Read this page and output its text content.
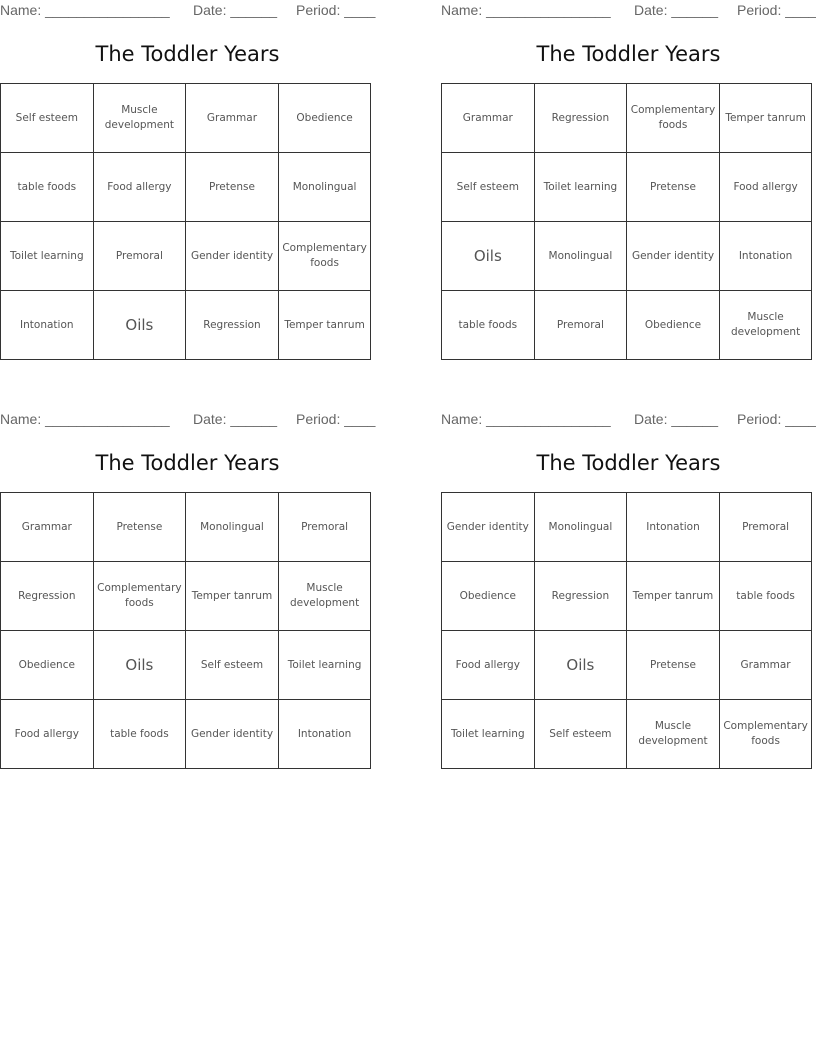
Name: ________________ Date: ______ Period: ____
The Toddler Years
Self esteem	Muscle development	Grammar	Obedience
table foods	Food allergy	Pretense	Monolingual
Toilet learning	Premoral	Gender identity	Complementary foods
Intonation	Oils	Regression	Temper tanrum
Name: ________________ Date: ______ Period: ____
The Toddler Years
Grammar	Regression	Complementary foods	Temper tanrum
Self esteem	Toilet learning	Pretense	Food allergy
Oils	Monolingual	Gender identity	Intonation
table foods	Premoral	Obedience	Muscle development
Name: ________________ Date: ______ Period: ____
The Toddler Years
Grammar	Pretense	Monolingual	Premoral
Regression	Complementary foods	Temper tanrum	Muscle development
Obedience	Oils	Self esteem	Toilet learning
Food allergy	table foods	Gender identity	Intonation
Name: ________________ Date: ______ Period: ____
The Toddler Years
Gender identity	Monolingual	Intonation	Premoral
Obedience	Regression	Temper tanrum	table foods
Food allergy	Oils	Pretense	Grammar
Toilet learning	Self esteem	Muscle development	Complementary foods
